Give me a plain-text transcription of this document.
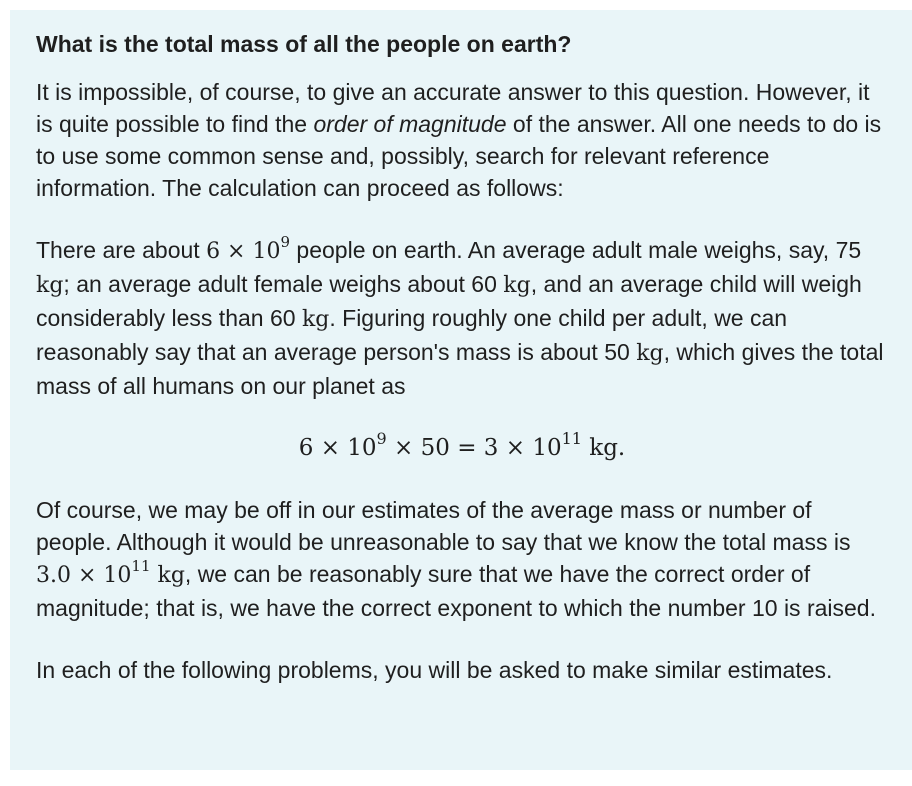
What is the total mass of all the people on earth?

It is impossible, of course, to give an accurate answer to this question. However, it is quite possible to find the order of magnitude of the answer. All one needs to do is to use some common sense and, possibly, search for relevant reference information. The calculation can proceed as follows:

There are about $6 \times 10^9$ people on earth. An average adult male weighs, say, 75 kg; an average adult female weighs about 60 kg, and an average child will weigh considerably less than 60 kg. Figuring roughly one child per adult, we can reasonably say that an average person's mass is about 50 kg, which gives the total mass of all humans on our planet as

$6 \times 10^9 \times 50 = 3 \times 10^{11}$ kg.

Of course, we may be off in our estimates of the average mass or number of people. Although it would be unreasonable to say that we know the total mass is $3.0 \times 10^{11}$ kg, we can be reasonably sure that we have the correct order of magnitude; that is, we have the correct exponent to which the number 10 is raised.

In each of the following problems, you will be asked to make similar estimates.
